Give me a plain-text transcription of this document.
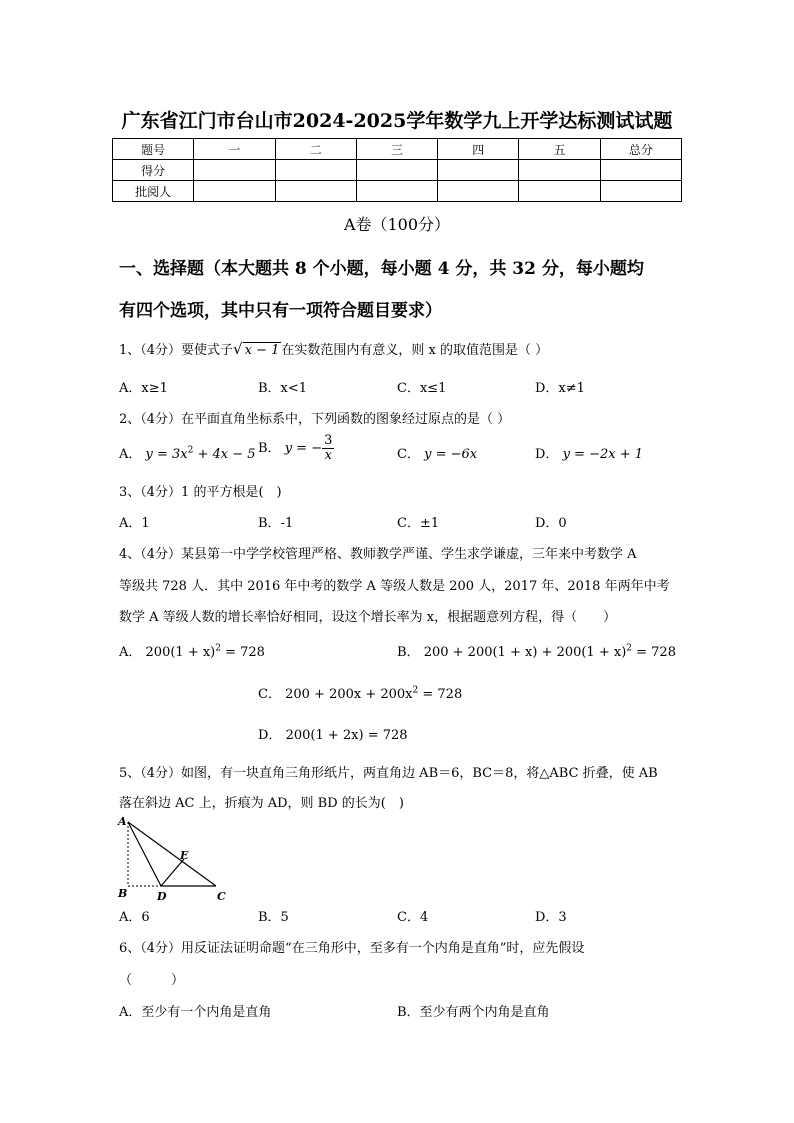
广东省江门市台山市2024-2025学年数学九上开学达标测试试题
题号	一	二	三	四	五	总分
得分						
批阅人						
A卷（100分）
一、选择题（本大题共 8 个小题，每小题 4 分，共 32 分，每小题均
有四个选项，其中只有一项符合题目要求）
1、（4分）要使式子√ x − 1 在实数范围内有意义，则 x 的取值范围是（ ）
A．x≥1	B．x<1	C．x≤1	D．x≠1
2、（4分）在平面直角坐标系中，下列函数的图象经过原点的是（ ）
A． $y = 3x^2 + 4x - 5$ B． y = − $\frac{3}{x}$	C． y = −6x	D． y = −2x + 1
3、（4分）1 的平方根是(　)
A．1	B．-1	C．±1	D．0
4、（4分）某县第一中学学校管理严格、教师教学严谨、学生求学谦虚，三年来中考数学 A
等级共 728 人．其中 2016 年中考的数学 A 等级人数是 200 人，2017 年、2018 年两年中考
数学 A 等级人数的增长率恰好相同，设这个增长率为 x，根据题意列方程，得（　　）
A． $200(1 + x)^2 = 728$	B． $200 + 200(1 + x) + 200(1 + x)^2 = 728$
C． $200 + 200x + 200x^2 = 728$
D． 200(1 + 2x) = 728
5、（4分）如图，有一块直角三角形纸片，两直角边 AB＝6，BC＝8，将△ABC 折叠，使 AB
落在斜边 AC 上，折痕为 AD，则 BD 的长为(　)
A
B	C
D
E
A．6	B．5	C．4	D．3
6、（4分）用反证法证明命题“在三角形中，至多有一个内角是直角”时，应先假设
（　　　）
A．至少有一个内角是直角	B．至少有两个内角是直角
